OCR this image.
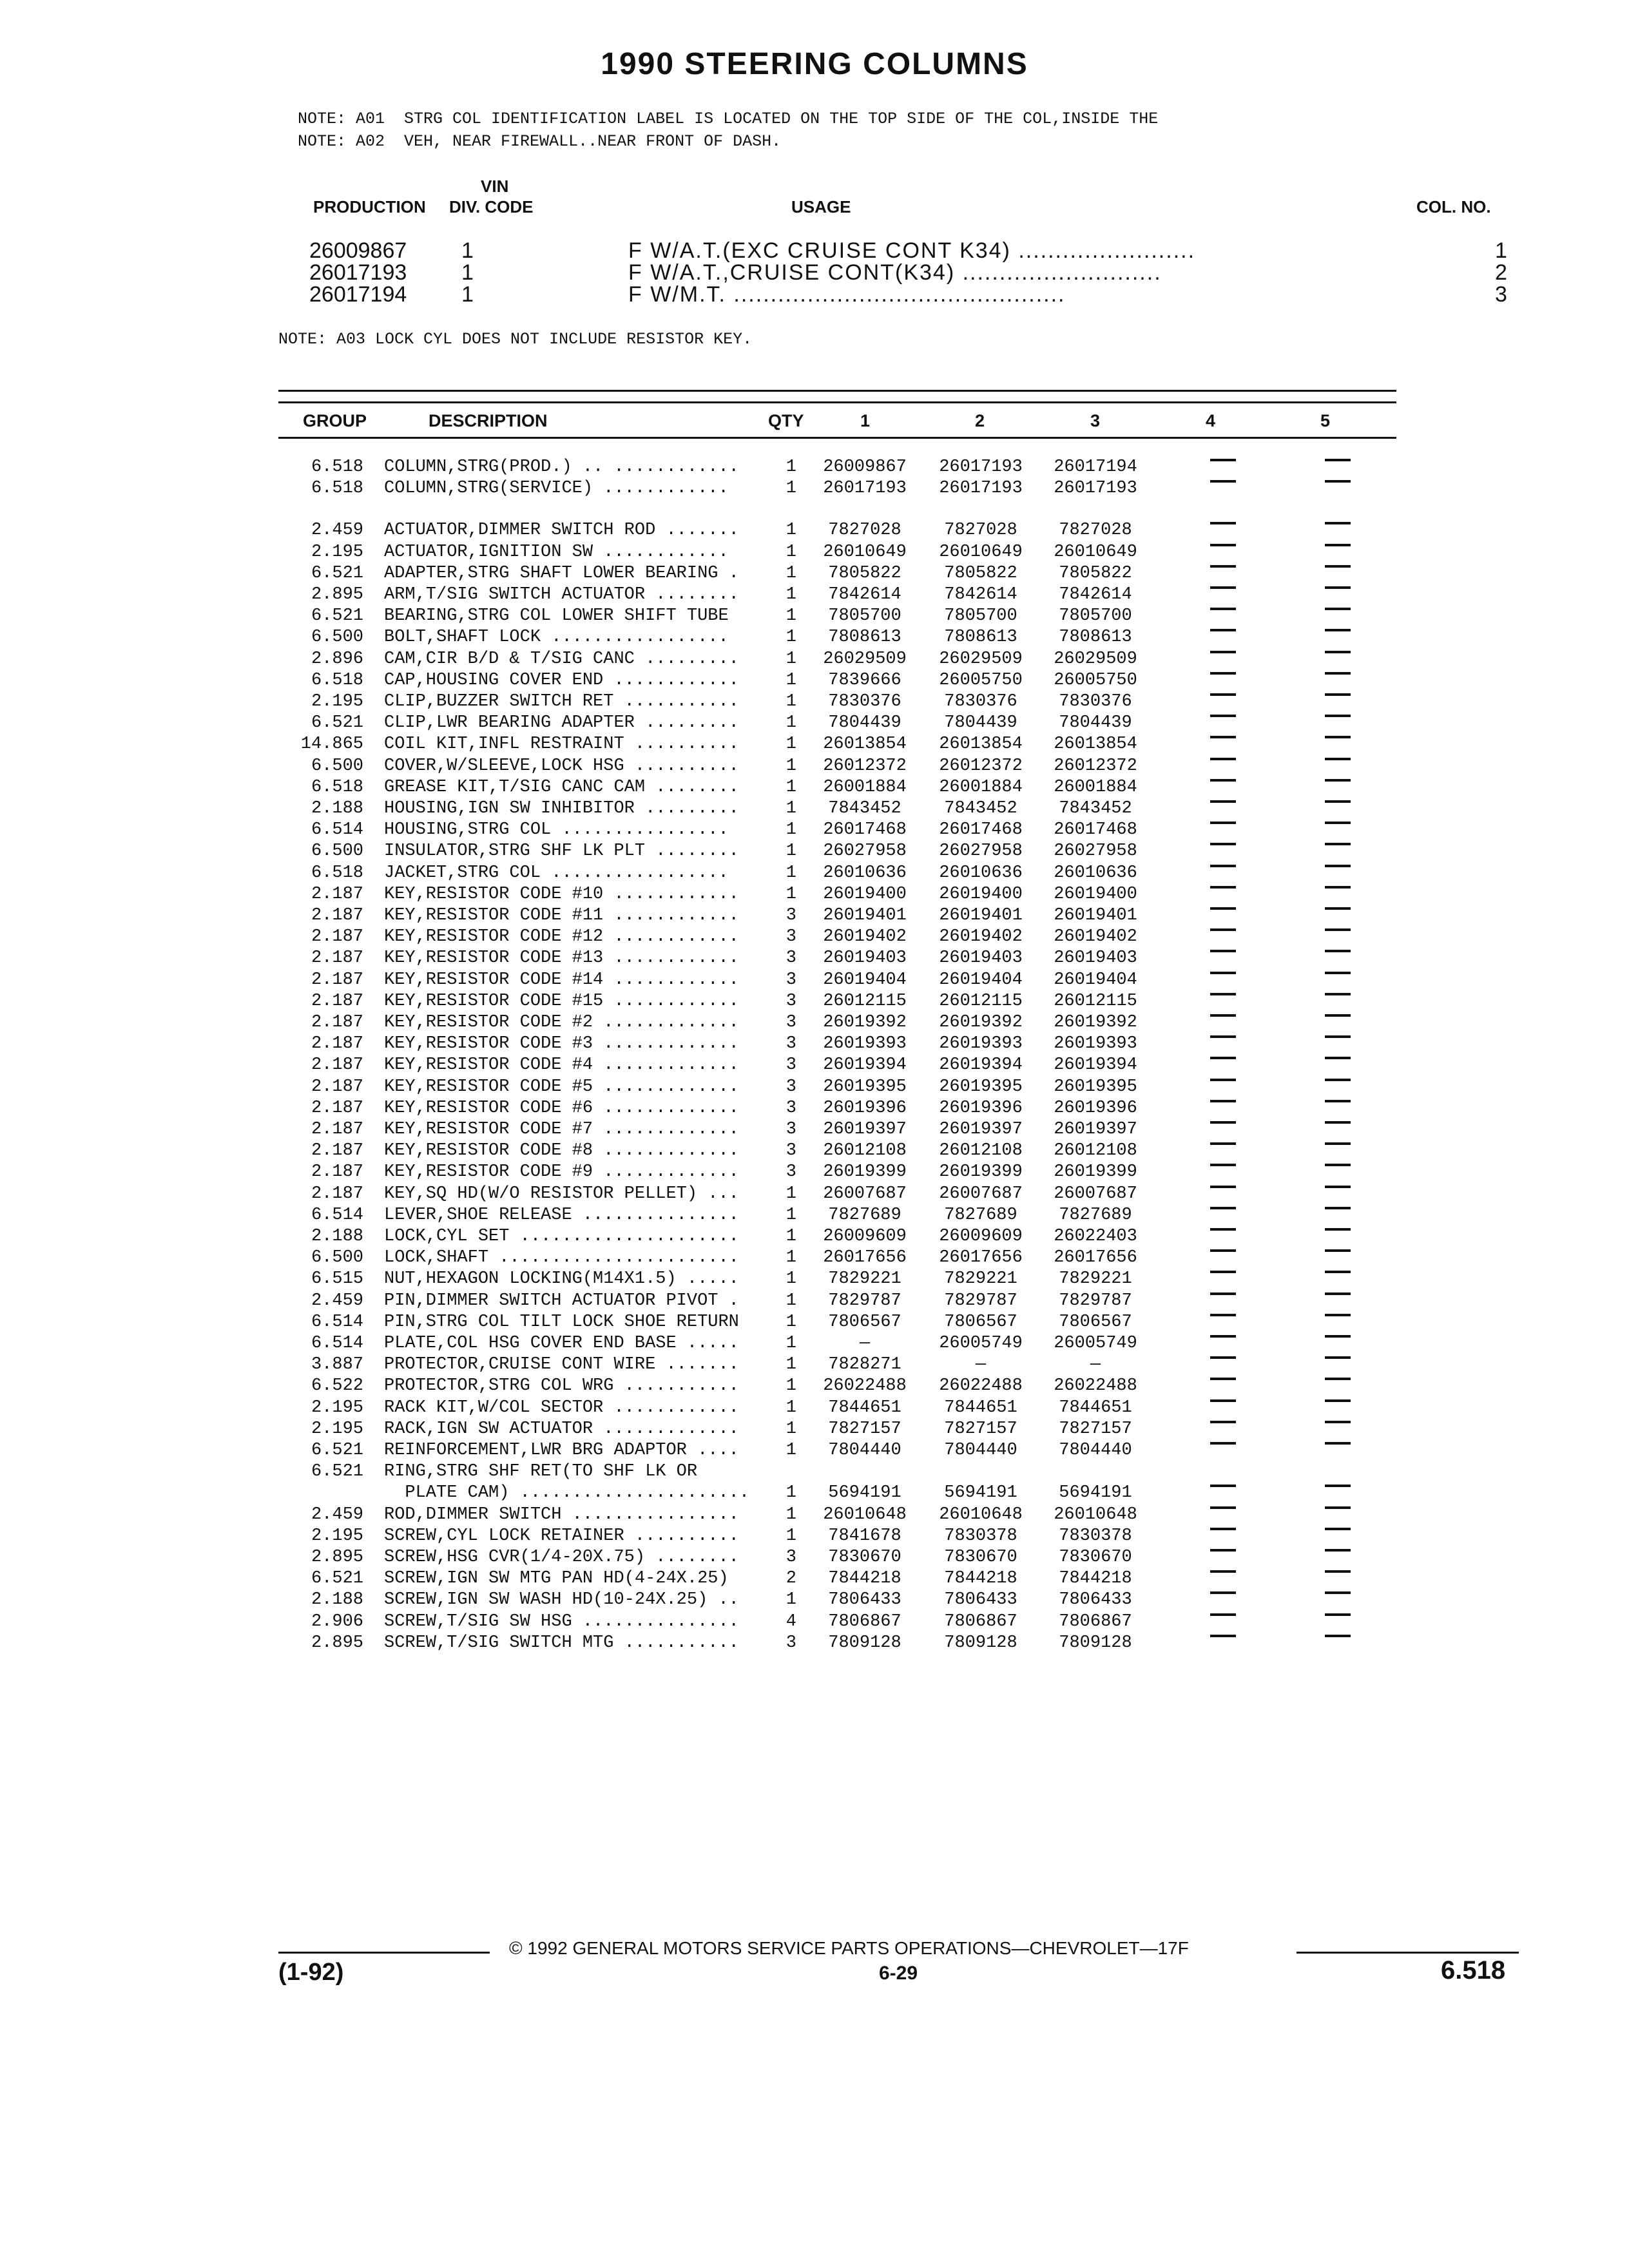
1990 STEERING COLUMNS
NOTE: A01  STRG COL IDENTIFICATION LABEL IS LOCATED ON THE TOP SIDE OF THE COL,INSIDE THE
NOTE: A02  VEH, NEAR FIREWALL..NEAR FRONT OF DASH.
VIN
PRODUCTION DIV. CODE	USAGE	COL. NO.
26009867 1	F W/A.T.(EXC CRUISE CONT K34) ........................	1
26017193 1	F W/A.T.,CRUISE CONT(K34) ...........................	2
26017194 1	F W/M.T. .............................................	3
NOTE: A03 LOCK CYL DOES NOT INCLUDE RESISTOR KEY.
GROUP	DESCRIPTION	QTY	1	2	3	4	5
6.518 COLUMN,STRG(PROD.) .. ............	1	26009867	26017193	26017194
6.518 COLUMN,STRG(SERVICE) ............	1	26017193	26017193	26017193
2.459 ACTUATOR,DIMMER SWITCH ROD .......	1	7827028	7827028	7827028
2.195 ACTUATOR,IGNITION SW ............	1	26010649	26010649	26010649
6.521 ADAPTER,STRG SHAFT LOWER BEARING .	1	7805822	7805822	7805822
2.895 ARM,T/SIG SWITCH ACTUATOR ........	1	7842614	7842614	7842614
6.521 BEARING,STRG COL LOWER SHIFT TUBE	1	7805700	7805700	7805700
6.500 BOLT,SHAFT LOCK .................	1	7808613	7808613	7808613
2.896 CAM,CIR B/D & T/SIG CANC .........	1	26029509	26029509	26029509
6.518 CAP,HOUSING COVER END ............	1	7839666	26005750	26005750
2.195 CLIP,BUZZER SWITCH RET ...........	1	7830376	7830376	7830376
6.521 CLIP,LWR BEARING ADAPTER .........	1	7804439	7804439	7804439
14.865 COIL KIT,INFL RESTRAINT ..........	1	26013854	26013854	26013854
6.500 COVER,W/SLEEVE,LOCK HSG ..........	1	26012372	26012372	26012372
6.518 GREASE KIT,T/SIG CANC CAM ........	1	26001884	26001884	26001884
2.188 HOUSING,IGN SW INHIBITOR .........	1	7843452	7843452	7843452
6.514 HOUSING,STRG COL ................	1	26017468	26017468	26017468
6.500 INSULATOR,STRG SHF LK PLT ........	1	26027958	26027958	26027958
6.518 JACKET,STRG COL .................	1	26010636	26010636	26010636
2.187 KEY,RESISTOR CODE #10 ............	1	26019400	26019400	26019400
2.187 KEY,RESISTOR CODE #11 ............	3	26019401	26019401	26019401
2.187 KEY,RESISTOR CODE #12 ............	3	26019402	26019402	26019402
2.187 KEY,RESISTOR CODE #13 ............	3	26019403	26019403	26019403
2.187 KEY,RESISTOR CODE #14 ............	3	26019404	26019404	26019404
2.187 KEY,RESISTOR CODE #15 ............	3	26012115	26012115	26012115
2.187 KEY,RESISTOR CODE #2 .............	3	26019392	26019392	26019392
2.187 KEY,RESISTOR CODE #3 .............	3	26019393	26019393	26019393
2.187 KEY,RESISTOR CODE #4 .............	3	26019394	26019394	26019394
2.187 KEY,RESISTOR CODE #5 .............	3	26019395	26019395	26019395
2.187 KEY,RESISTOR CODE #6 .............	3	26019396	26019396	26019396
2.187 KEY,RESISTOR CODE #7 .............	3	26019397	26019397	26019397
2.187 KEY,RESISTOR CODE #8 .............	3	26012108	26012108	26012108
2.187 KEY,RESISTOR CODE #9 .............	3	26019399	26019399	26019399
2.187 KEY,SQ HD(W/O RESISTOR PELLET) ...	1	26007687	26007687	26007687
6.514 LEVER,SHOE RELEASE ...............	1	7827689	7827689	7827689
2.188 LOCK,CYL SET .....................	1	26009609	26009609	26022403
6.500 LOCK,SHAFT .......................	1	26017656	26017656	26017656
6.515 NUT,HEXAGON LOCKING(M14X1.5) .....	1	7829221	7829221	7829221
2.459 PIN,DIMMER SWITCH ACTUATOR PIVOT .	1	7829787	7829787	7829787
6.514 PIN,STRG COL TILT LOCK SHOE RETURN	1	7806567	7806567	7806567
6.514 PLATE,COL HSG COVER END BASE .....	1	—	26005749	26005749
3.887 PROTECTOR,CRUISE CONT WIRE .......	1	7828271	—	—
6.522 PROTECTOR,STRG COL WRG ...........	1	26022488	26022488	26022488
2.195 RACK KIT,W/COL SECTOR ............	1	7844651	7844651	7844651
2.195 RACK,IGN SW ACTUATOR .............	1	7827157	7827157	7827157
6.521 REINFORCEMENT,LWR BRG ADAPTOR ....	1	7804440	7804440	7804440
6.521 RING,STRG SHF RET(TO SHF LK OR
PLATE CAM) ......................	1	5694191	5694191	5694191
2.459 ROD,DIMMER SWITCH ................	1	26010648	26010648	26010648
2.195 SCREW,CYL LOCK RETAINER ..........	1	7841678	7830378	7830378
2.895 SCREW,HSG CVR(1/4-20X.75) ........	3	7830670	7830670	7830670
6.521 SCREW,IGN SW MTG PAN HD(4-24X.25)	2	7844218	7844218	7844218
2.188 SCREW,IGN SW WASH HD(10-24X.25) ..	1	7806433	7806433	7806433
2.906 SCREW,T/SIG SW HSG ...............	4	7806867	7806867	7806867
2.895 SCREW,T/SIG SWITCH MTG ...........	3	7809128	7809128	7809128
© 1992 GENERAL MOTORS SERVICE PARTS OPERATIONS—CHEVROLET—17F
(1-92)	6-29	6.518
